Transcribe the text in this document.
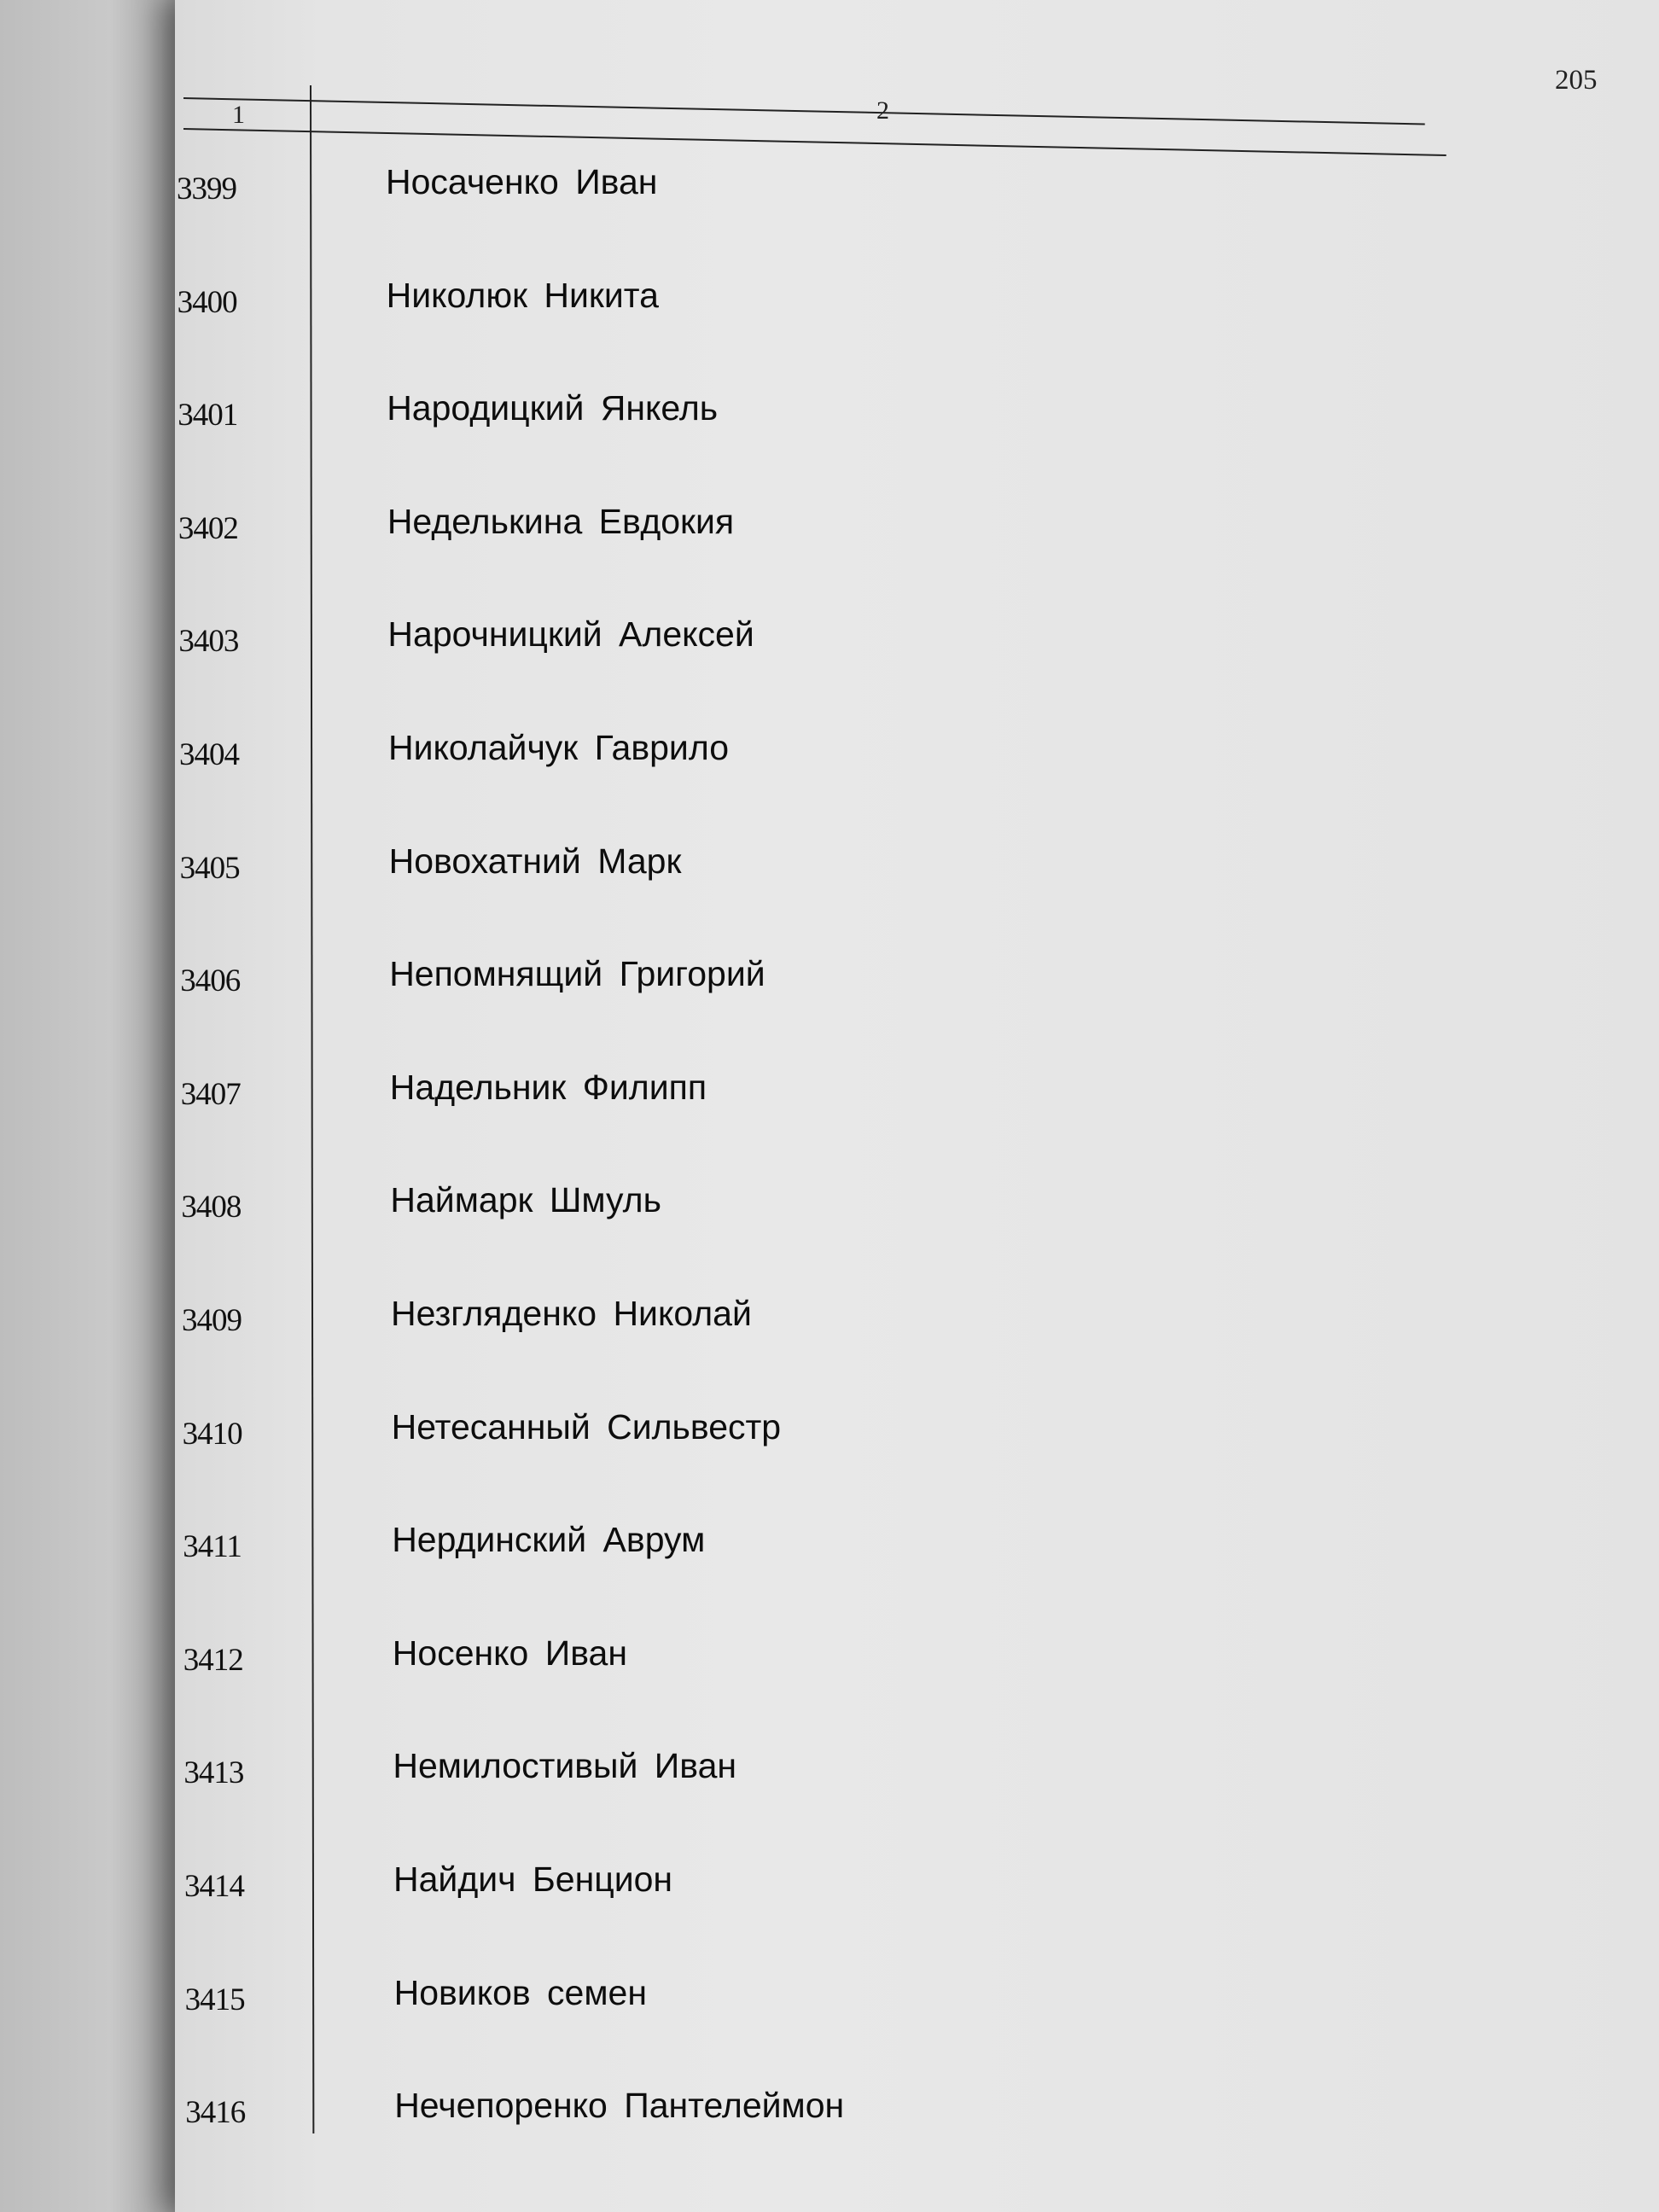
205
1	2
3399	Носаченко Иван
3400	Николюк Никита
3401	Народицкий Янкель
3402	Неделькина Евдокия
3403	Нарочницкий Алексей
3404	Николайчук Гаврило
3405	Новохатний Марк
3406	Непомнящий Григорий
3407	Надельник Филипп
3408	Наймарк Шмуль
3409	Незгляденко Николай
3410	Нетесанный Сильвестр
3411	Нердинский Аврум
3412	Носенко Иван
3413	Немилостивый Иван
3414	Найдич Бенцион
3415	Новиков семен
3416	Нечепоренко Пантелеймон
